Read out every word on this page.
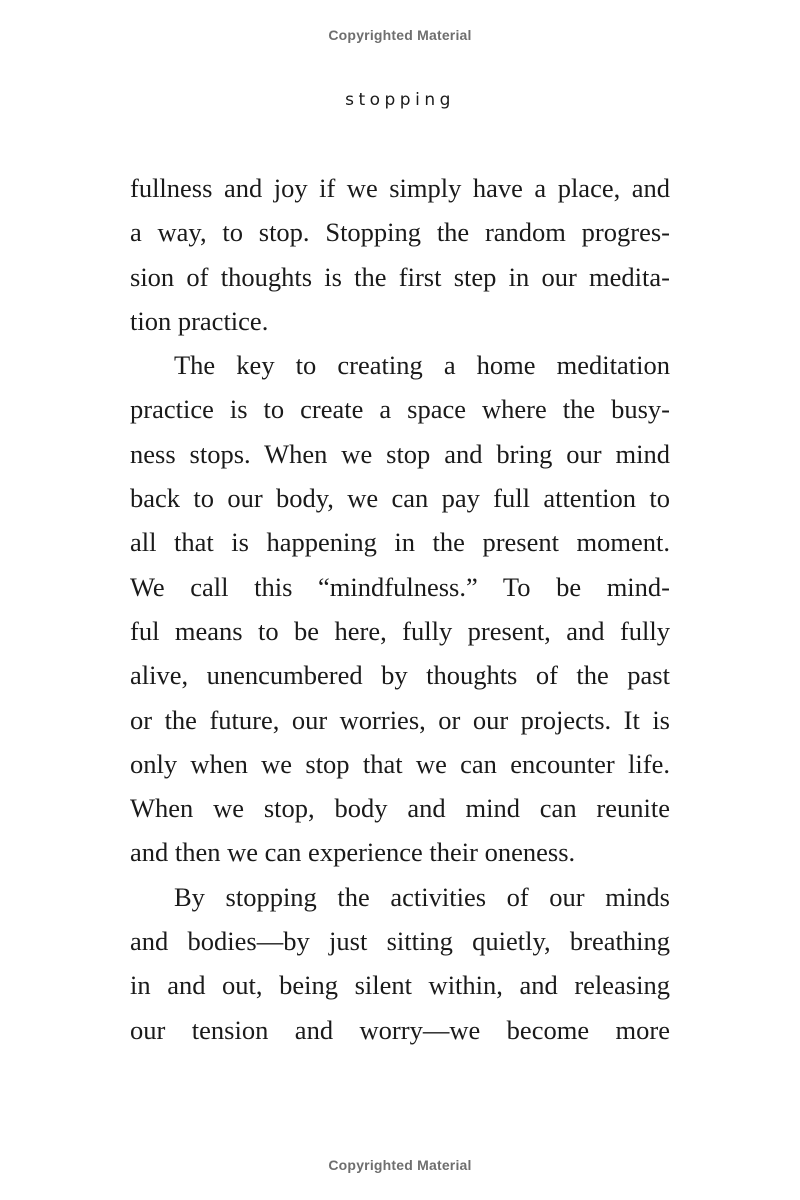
Copyrighted Material
stopping

fullness and joy if we simply have a place, and
a way, to stop. Stopping the random progres-
sion of thoughts is the first step in our medita-
tion practice.

The key to creating a home meditation
practice is to create a space where the busy-
ness stops. When we stop and bring our mind
back to our body, we can pay full attention to
all that is happening in the present moment.
We call this “mindfulness.” To be mind-
ful means to be here, fully present, and fully
alive, unencumbered by thoughts of the past
or the future, our worries, or our projects. It is
only when we stop that we can encounter life.
When we stop, body and mind can reunite
and then we can experience their oneness.

By stopping the activities of our minds
and bodies—by just sitting quietly, breathing
in and out, being silent within, and releasing
our tension and worry—we become more

Copyrighted Material
